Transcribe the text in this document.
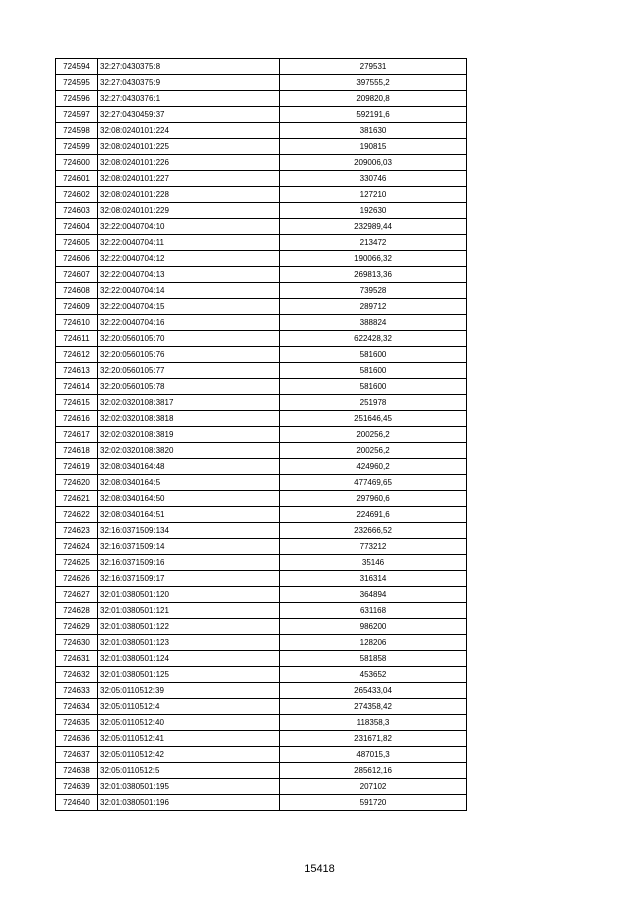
724594	32:27:0430375:8	279531
724595	32:27:0430375:9	397555,2
724596	32:27:0430376:1	209820,8
724597	32:27:0430459:37	592191,6
724598	32:08:0240101:224	381630
724599	32:08:0240101:225	190815
724600	32:08:0240101:226	209006,03
724601	32:08:0240101:227	330746
724602	32:08:0240101:228	127210
724603	32:08:0240101:229	192630
724604	32:22:0040704:10	232989,44
724605	32:22:0040704:11	213472
724606	32:22:0040704:12	190066,32
724607	32:22:0040704:13	269813,36
724608	32:22:0040704:14	739528
724609	32:22:0040704:15	289712
724610	32:22:0040704:16	388824
724611	32:20:0560105:70	622428,32
724612	32:20:0560105:76	581600
724613	32:20:0560105:77	581600
724614	32:20:0560105:78	581600
724615	32:02:0320108:3817	251978
724616	32:02:0320108:3818	251646,45
724617	32:02:0320108:3819	200256,2
724618	32:02:0320108:3820	200256,2
724619	32:08:0340164:48	424960,2
724620	32:08:0340164:5	477469,65
724621	32:08:0340164:50	297960,6
724622	32:08:0340164:51	224691,6
724623	32:16:0371509:134	232666,52
724624	32:16:0371509:14	773212
724625	32:16:0371509:16	35146
724626	32:16:0371509:17	316314
724627	32:01:0380501:120	364894
724628	32:01:0380501:121	631168
724629	32:01:0380501:122	986200
724630	32:01:0380501:123	128206
724631	32:01:0380501:124	581858
724632	32:01:0380501:125	453652
724633	32:05:0110512:39	265433,04
724634	32:05:0110512:4	274358,42
724635	32:05:0110512:40	118358,3
724636	32:05:0110512:41	231671,82
724637	32:05:0110512:42	487015,3
724638	32:05:0110512:5	285612,16
724639	32:01:0380501:195	207102
724640	32:01:0380501:196	591720
15418
